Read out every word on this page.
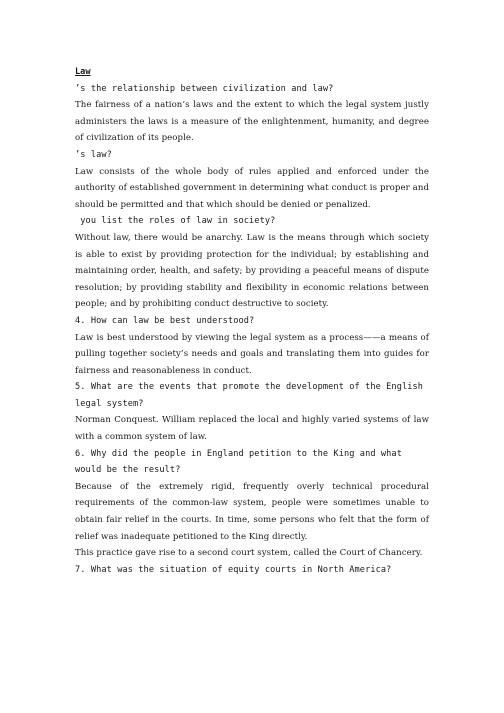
Law

’s the relationship between civilization and law?

The fairness of a nation’s laws and the extent to which the legal system justly administers the laws is a measure of the enlightenment, humanity, and degree of civilization of its people.

’s law?

Law consists of the whole body of rules applied and enforced under the authority of established government in determining what conduct is proper and should be permitted and that which should be denied or penalized.

you list the roles of law in society?

Without law, there would be anarchy. Law is the means through which society is able to exist by providing protection for the individual; by establishing and maintaining order, health, and safety; by providing a peaceful means of dispute resolution; by providing stability and flexibility in economic relations between people; and by prohibiting conduct destructive to society.

4. How can law be best understood?

Law is best understood by viewing the legal system as a process——a means of pulling together society’s needs and goals and translating them into guides for fairness and reasonableness in conduct.

5. What are the events that promote the development of the English legal system?

Norman Conquest. William replaced the local and highly varied systems of law with a common system of law.

6. Why did the people in England petition to the King and what would be the result?

Because of the extremely rigid, frequently overly technical procedural requirements of the common-law system, people were sometimes unable to obtain fair relief in the courts. In time, some persons who felt that the form of relief was inadequate petitioned to the King directly.

This practice gave rise to a second court system, called the Court of Chancery.

7. What was the situation of equity courts in North America?
